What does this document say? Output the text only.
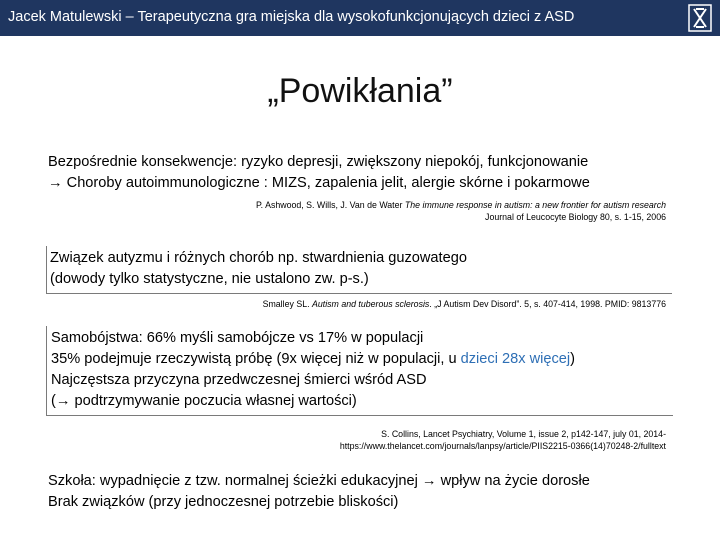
Jacek Matulewski – Terapeutyczna gra miejska dla wysokofunkcjonujących dzieci z ASD
„Powikłania”

Bezpośrednie konsekwencje: ryzyko depresji, zwiększony niepokój, funkcjonowanie

→ Choroby autoimmunologiczne : MIZS, zapalenia jelit, alergie skórne i pokarmowe

P. Ashwood, S. Wills, J. Van de Water The immune response in autism: a new frontier for autism research

Journal of Leucocyte Biology 80, s. 1-15, 2006

Związek autyzmu i różnych chorób np. stwardnienia guzowatego

(dowody tylko statystyczne, nie ustalono zw. p-s.)

Smalley SL. Autism and tuberous sclerosis. „J Autism Dev Disord”. 5, s. 407-414, 1998. PMID: 9813776

Samobójstwa: 66% myśli samobójcze vs 17% w populacji

35% podejmuje rzeczywistą próbę (9x więcej niż w populacji, u dzieci 28x więcej)

Najczęstsza przyczyna przedwczesnej śmierci wśród ASD

(→ podtrzymywanie poczucia własnej wartości)

S. Collins, Lancet Psychiatry, Volume 1, issue 2, p142-147, july 01, 2014-

https://www.thelancet.com/journals/lanpsy/article/PIIS2215-0366(14)70248-2/fulltext

Szkoła: wypadnięcie z tzw. normalnej ścieżki edukacyjnej → wpływ na życie dorosłe

Brak związków (przy jednoczesnej potrzebie bliskości)
